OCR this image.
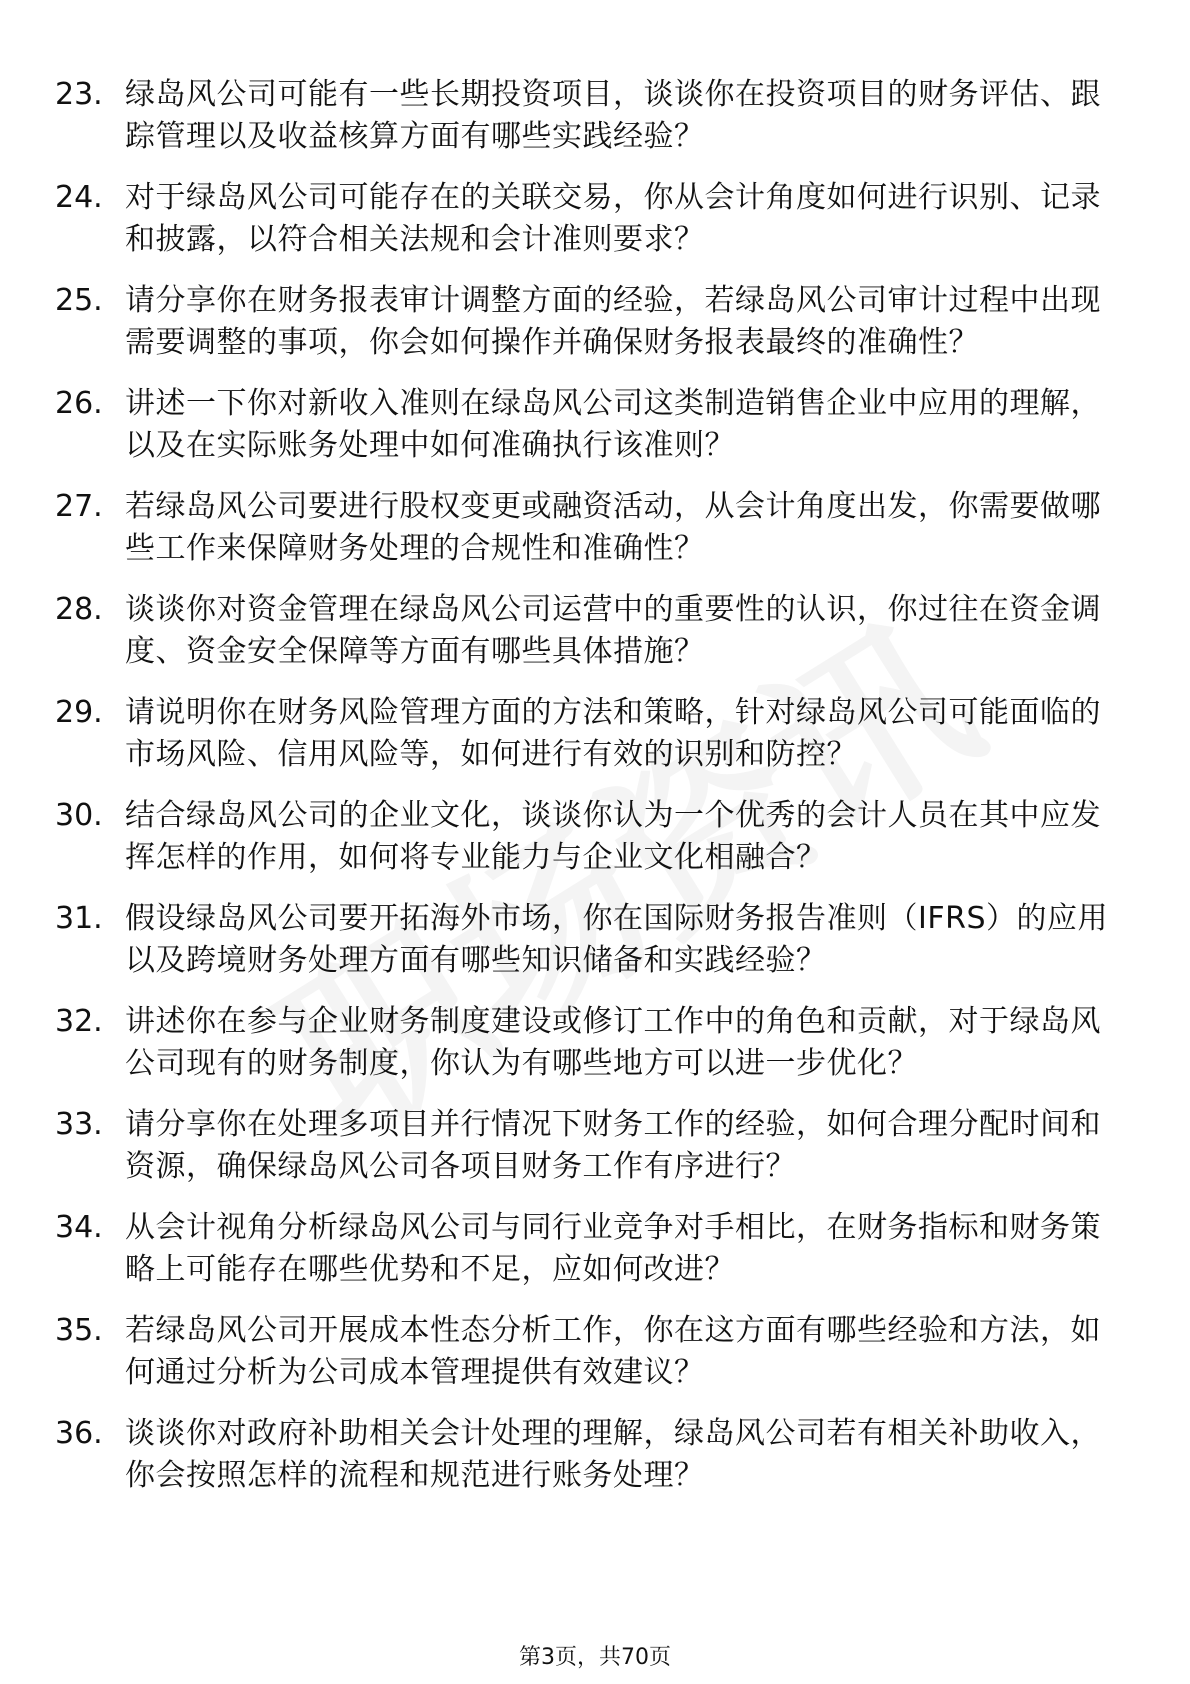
23. 绿岛风公司可能有一些长期投资项目，谈谈你在投资项目的财务评估、跟踪管理以及收益核算方面有哪些实践经验？
24. 对于绿岛风公司可能存在的关联交易，你从会计角度如何进行识别、记录和披露，以符合相关法规和会计准则要求？
25. 请分享你在财务报表审计调整方面的经验，若绿岛风公司审计过程中出现需要调整的事项，你会如何操作并确保财务报表最终的准确性？
26. 讲述一下你对新收入准则在绿岛风公司这类制造销售企业中应用的理解，以及在实际账务处理中如何准确执行该准则？
27. 若绿岛风公司要进行股权变更或融资活动，从会计角度出发，你需要做哪些工作来保障财务处理的合规性和准确性？
28. 谈谈你对资金管理在绿岛风公司运营中的重要性的认识，你过往在资金调度、资金安全保障等方面有哪些具体措施？
29. 请说明你在财务风险管理方面的方法和策略，针对绿岛风公司可能面临的市场风险、信用风险等，如何进行有效的识别和防控？
30. 结合绿岛风公司的企业文化，谈谈你认为一个优秀的会计人员在其中应发挥怎样的作用，如何将专业能力与企业文化相融合？
31. 假设绿岛风公司要开拓海外市场，你在国际财务报告准则（IFRS）的应用以及跨境财务处理方面有哪些知识储备和实践经验？
32. 讲述你在参与企业财务制度建设或修订工作中的角色和贡献，对于绿岛风公司现有的财务制度，你认为有哪些地方可以进一步优化？
33. 请分享你在处理多项目并行情况下财务工作的经验，如何合理分配时间和资源，确保绿岛风公司各项目财务工作有序进行？
34. 从会计视角分析绿岛风公司与同行业竞争对手相比，在财务指标和财务策略上可能存在哪些优势和不足，应如何改进？
35. 若绿岛风公司开展成本性态分析工作，你在这方面有哪些经验和方法，如何通过分析为公司成本管理提供有效建议？
36. 谈谈你对政府补助相关会计处理的理解，绿岛风公司若有相关补助收入，你会按照怎样的流程和规范进行账务处理？
第3页，共70页
